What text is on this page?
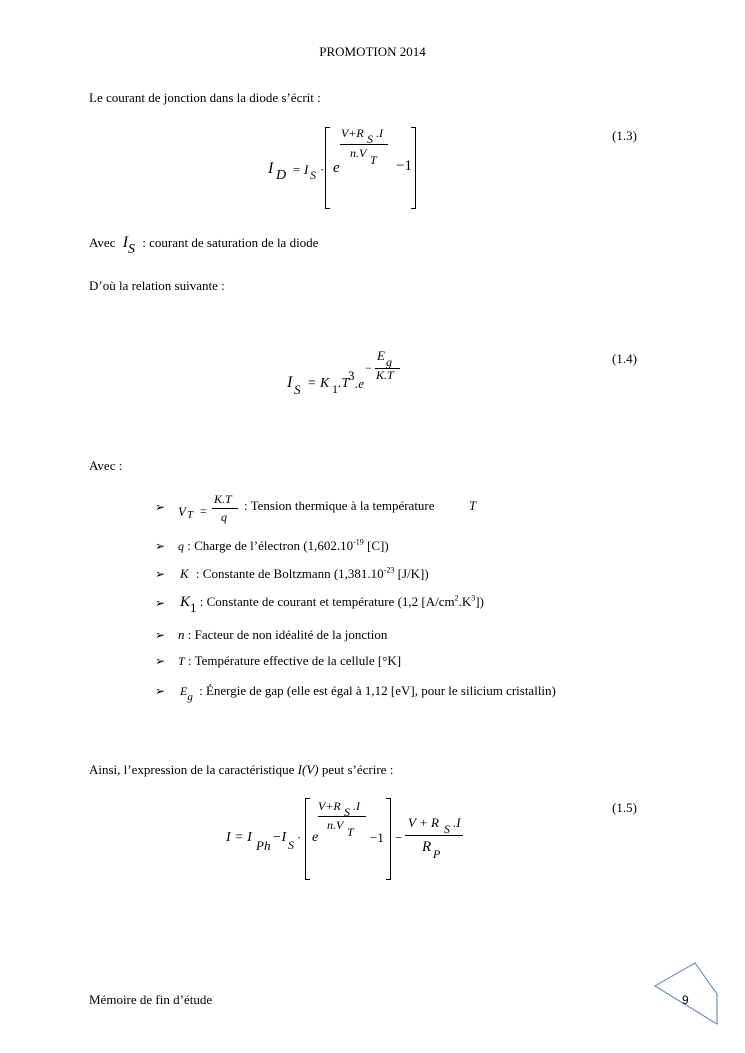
PROMOTION 2014
Le courant de jonction dans la diode s’écrit :
I D = I S · e
V+R S .I
n.V T −1
(1.3)
Avec IS : courant de saturation de la diode
D’où la relation suivante :
I S = K 1 .T
3
.e
−
E g
K.T
(1.4)
Avec :
➢ V T =
K.T
q
: Tension thermique à la température	T
➢ q : Charge de l’électron ($1,602.10^{-19}$ [C])
➢ K : Constante de Boltzmann ($1,381.10^{-23}$ [J/K])
➢ K1 : Constante de courant et température (1,2 $[A/cm^2.K^3]$)
➢ n : Facteur de non idéalité de la jonction
➢ T : Température effective de la cellule [°K]
➢ $E_g$ : Énergie de gap (elle est égal à 1,12 [eV], pour le silicium cristallin)
Ainsi, l’expression de la caractéristique I(V) peut s’écrire :
I = I
Ph
−I S · e
V+R S .I
n.V T −1 −
V + R S .I
R P
(1.5)
Mémoire de fin d’étude	9
